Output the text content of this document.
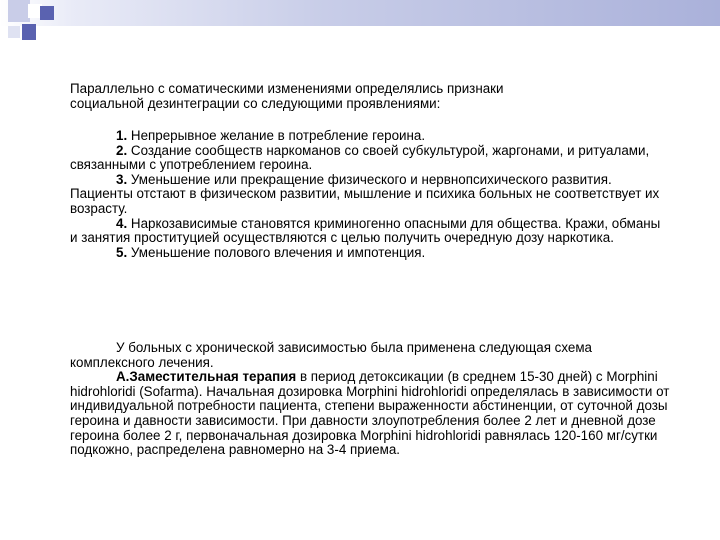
Параллельно с соматическими изменениями определялись признаки

социальной дезинтеграции со следующими проявлениями:

1. Непрерывное желание в потребление героина.

2. Создание сообществ наркоманов со своей субкультурой, жаргонами, и ритуалами, связанными с употреблением героина.

3. Уменьшение или прекращение физического и нервнопсихического развития. Пациенты отстают в физическом развитии, мышление и психика больных не соответствует их возрасту.

4. Наркозависимые становятся криминогенно опасными для общества. Кражи, обманы и занятия проституцией осуществляются с целью получить очередную дозу наркотика.

5. Уменьшение полового влечения и импотенция.

У больных с хронической зависимостью была применена следующая схема комплексного лечения.

А.Заместительная терапия в период детоксикации (в среднем 15-30 дней) с Morphini hidrohloridi (Sofarma). Начальная дозировка Morphini hidrohloridi определялась в зависимости от индивидуальной потребности пациента, степени выраженности абстиненции, от суточной дозы героина и давности зависимости. При давности злоупотребления более 2 лет и дневной дозе героина более 2 г, первоначальная дозировка Morphini hidrohloridi равнялась 120-160 мг/сутки подкожно, распределена равномерно на 3-4 приема.
